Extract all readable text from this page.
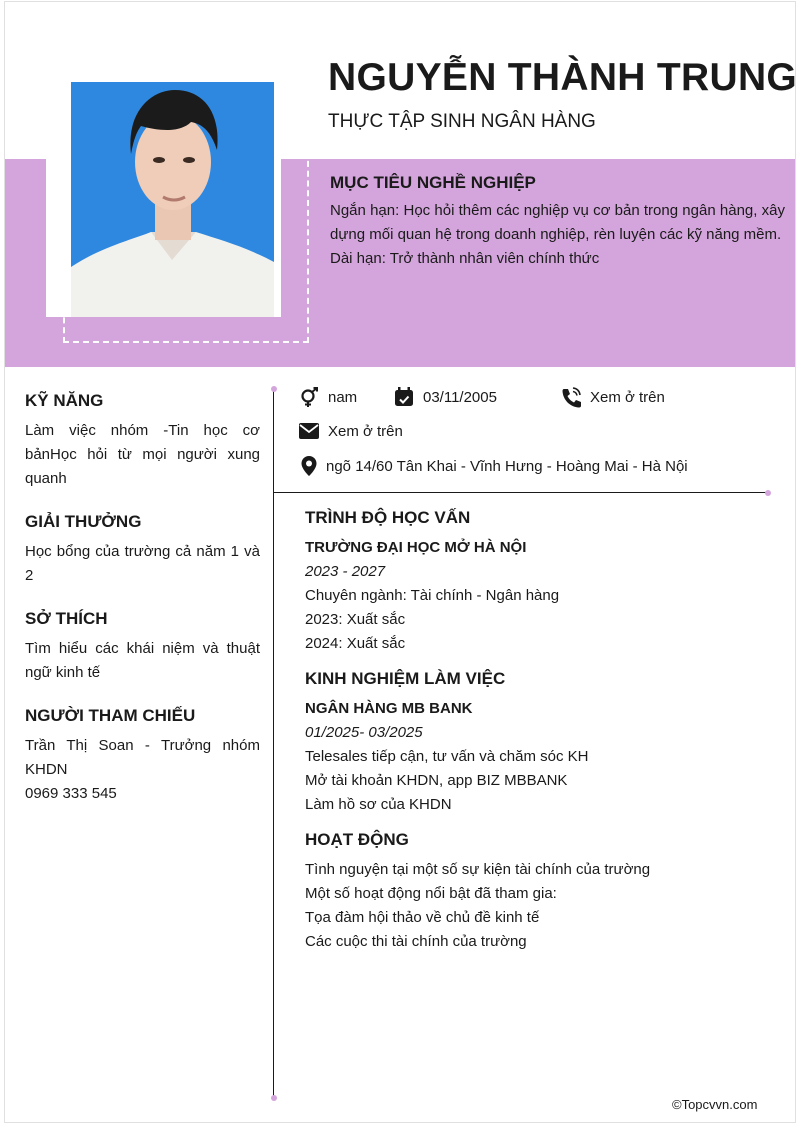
NGUYỄN THÀNH TRUNG
THỰC TẬP SINH NGÂN HÀNG
MỤC TIÊU NGHỀ NGHIỆP
Ngắn hạn: Học hỏi thêm các nghiệp vụ cơ bản trong ngân hàng, xây dựng mối quan hệ trong doanh nghiệp, rèn luyện các kỹ năng mềm.
Dài hạn: Trở thành nhân viên chính thức
nam	03/11/2005	Xem ở trên
Xem ở trên
ngõ 14/60 Tân Khai - Vĩnh Hưng - Hoàng Mai - Hà Nội
KỸ NĂNG
Làm việc nhóm -Tin học cơ bảnHọc hỏi từ mọi người xung quanh
GIẢI THƯỞNG
Học bổng của trường cả năm 1 và 2
SỞ THÍCH
Tìm hiểu các khái niệm và thuật ngữ kinh tế
NGƯỜI THAM CHIẾU
Trần Thị Soan - Trưởng nhóm KHDN
0969 333 545
TRÌNH ĐỘ HỌC VẤN
TRƯỜNG ĐẠI HỌC MỞ HÀ NỘI
2023 - 2027
Chuyên ngành: Tài chính - Ngân hàng
2023: Xuất sắc
2024: Xuất sắc
KINH NGHIỆM LÀM VIỆC
NGÂN HÀNG MB BANK
01/2025- 03/2025
Telesales tiếp cận, tư vấn và chăm sóc KH
Mở tài khoản KHDN, app BIZ MBBANK
Làm hồ sơ của KHDN
HOẠT ĐỘNG
Tình nguyện tại một số sự kiện tài chính của trường
Một số hoạt động nổi bật đã tham gia:
Tọa đàm hội thảo về chủ đề kinh tế
Các cuộc thi tài chính của trường
©Topcvvn.com
